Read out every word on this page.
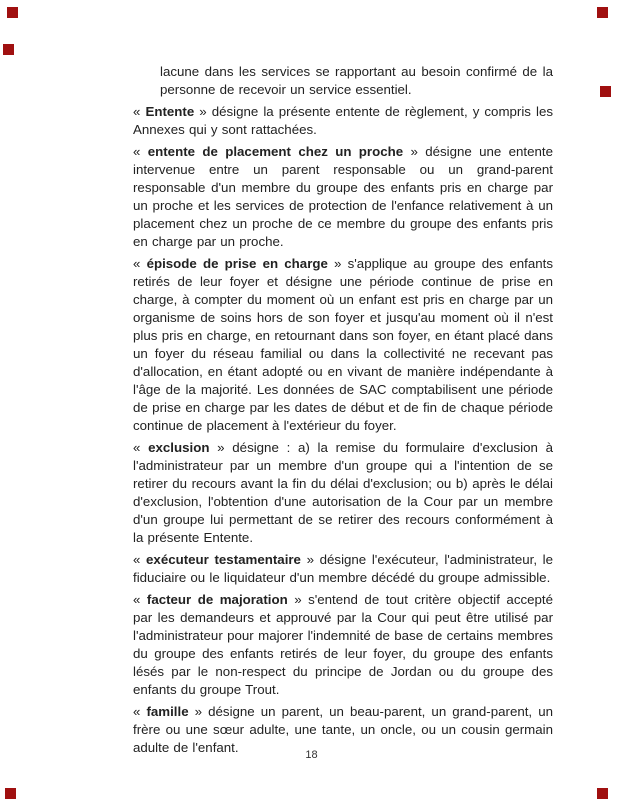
lacune dans les services se rapportant au besoin confirmé de la personne de recevoir un service essentiel.

« Entente » désigne la présente entente de règlement, y compris les Annexes qui y sont rattachées.

« entente de placement chez un proche » désigne une entente intervenue entre un parent responsable ou un grand-parent responsable d'un membre du groupe des enfants pris en charge par un proche et les services de protection de l'enfance relativement à un placement chez un proche de ce membre du groupe des enfants pris en charge par un proche.

« épisode de prise en charge » s'applique au groupe des enfants retirés de leur foyer et désigne une période continue de prise en charge, à compter du moment où un enfant est pris en charge par un organisme de soins hors de son foyer et jusqu'au moment où il n'est plus pris en charge, en retournant dans son foyer, en étant placé dans un foyer du réseau familial ou dans la collectivité ne recevant pas d'allocation, en étant adopté ou en vivant de manière indépendante à l'âge de la majorité. Les données de SAC comptabilisent une période de prise en charge par les dates de début et de fin de chaque période continue de placement à l'extérieur du foyer.

« exclusion » désigne : a) la remise du formulaire d'exclusion à l'administrateur par un membre d'un groupe qui a l'intention de se retirer du recours avant la fin du délai d'exclusion; ou b) après le délai d'exclusion, l'obtention d'une autorisation de la Cour par un membre d'un groupe lui permettant de se retirer des recours conformément à la présente Entente.

« exécuteur testamentaire » désigne l'exécuteur, l'administrateur, le fiduciaire ou le liquidateur d'un membre décédé du groupe admissible.

« facteur de majoration » s'entend de tout critère objectif accepté par les demandeurs et approuvé par la Cour qui peut être utilisé par l'administrateur pour majorer l'indemnité de base de certains membres du groupe des enfants retirés de leur foyer, du groupe des enfants lésés par le non-respect du principe de Jordan ou du groupe des enfants du groupe Trout.

« famille » désigne un parent, un beau-parent, un grand-parent, un frère ou une sœur adulte, une tante, un oncle, ou un cousin germain adulte de l'enfant.	18
